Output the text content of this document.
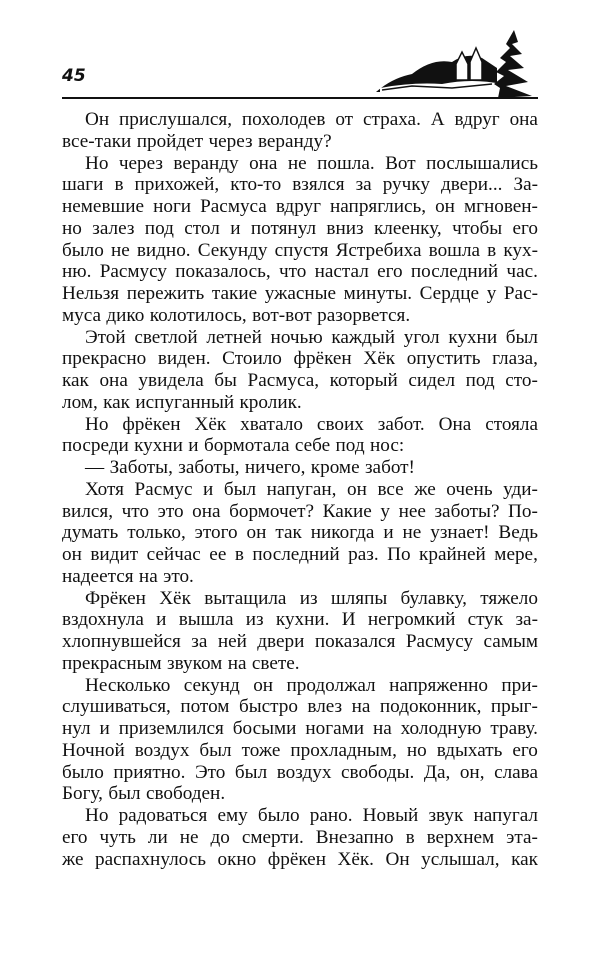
45
Он прислушался, похолодев от страха. А вдруг она
все-таки пройдет через веранду?
Но через веранду она не пошла. Вот послышались
шаги в прихожей, кто-то взялся за ручку двери... За-
немевшие ноги Расмуса вдруг напряглись, он мгновен-
но залез под стол и потянул вниз клеенку, чтобы его
было не видно. Секунду спустя Ястребиха вошла в кух-
ню. Расмусу показалось, что настал его последний час.
Нельзя пережить такие ужасные минуты. Сердце у Рас-
муса дико колотилось, вот-вот разорвется.
Этой светлой летней ночью каждый угол кухни был
прекрасно виден. Стоило фрёкен Хёк опустить глаза,
как она увидела бы Расмуса, который сидел под сто-
лом, как испуганный кролик.
Но фрёкен Хёк хватало своих забот. Она стояла
посреди кухни и бормотала себе под нос:
— Заботы, заботы, ничего, кроме забот!
Хотя Расмус и был напуган, он все же очень уди-
вился, что это она бормочет? Какие у нее заботы? По-
думать только, этого он так никогда и не узнает! Ведь
он видит сейчас ее в последний раз. По крайней мере,
надеется на это.
Фрёкен Хёк вытащила из шляпы булавку, тяжело
вздохнула и вышла из кухни. И негромкий стук за-
хлопнувшейся за ней двери показался Расмусу самым
прекрасным звуком на свете.
Несколько секунд он продолжал напряженно при-
слушиваться, потом быстро влез на подоконник, прыг-
нул и приземлился босыми ногами на холодную траву.
Ночной воздух был тоже прохладным, но вдыхать его
было приятно. Это был воздух свободы. Да, он, слава
Богу, был свободен.
Но радоваться ему было рано. Новый звук напугал
его чуть ли не до смерти. Внезапно в верхнем эта-
же распахнулось окно фрёкен Хёк. Он услышал, как
